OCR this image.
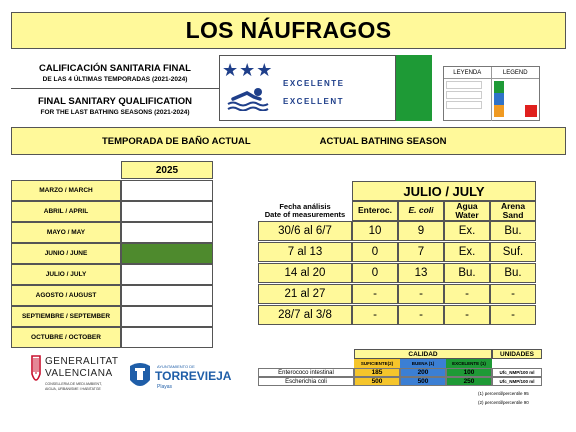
LOS NÁUFRAGOS
CALIFICACIÓN SANITARIA FINAL
DE LAS 4 ÚLTIMAS TEMPORADAS (2021-2024)
FINAL SANITARY QUALIFICATION
FOR THE LAST BATHING SEASONS (2021-2024)
★★★
EXCELENTE
EXCELLENT
LEYENDA	LEGEND
TEMPORADA DE BAÑO ACTUAL	ACTUAL BATHING SEASON
2025
MARZO / MARCH
ABRIL / APRIL
MAYO / MAY
JUNIO / JUNE
JULIO / JULY
AGOSTO / AUGUST
SEPTIEMBRE / SEPTEMBER
OCTUBRE / OCTOBER
JULIO / JULY
Fecha análisis
Date of measurements	Enteroc.	E. coli	Agua
Water
Arena
Sand
30/6 al 6/7	10	9	Ex.	Bu.
7 al 13	0	7	Ex.	Suf.
14 al 20	0	13	Bu.	Bu.
21 al 27	-	-	-	-
28/7 al 3/8	-	-	-	-
CALIDAD	UNIDADES
SUFICIENTE(2)	BUENA (1)	EXCELENTE (1)
Enterococo intestinal	185	200	100	Ufc_NMP/100 ml
Escherichia coli	500	500	250	Ufc_NMP/100 ml
(1) percentil/percentile 95
(2) percentil/percentile 90
GENERALITAT
VALENCIANA
CONSELLERIA DE MEDI AMBIENT,
AIGUA, URBANISME I HABITATGE
AYUNTAMIENTO DE
TORREVIEJA
Playas
